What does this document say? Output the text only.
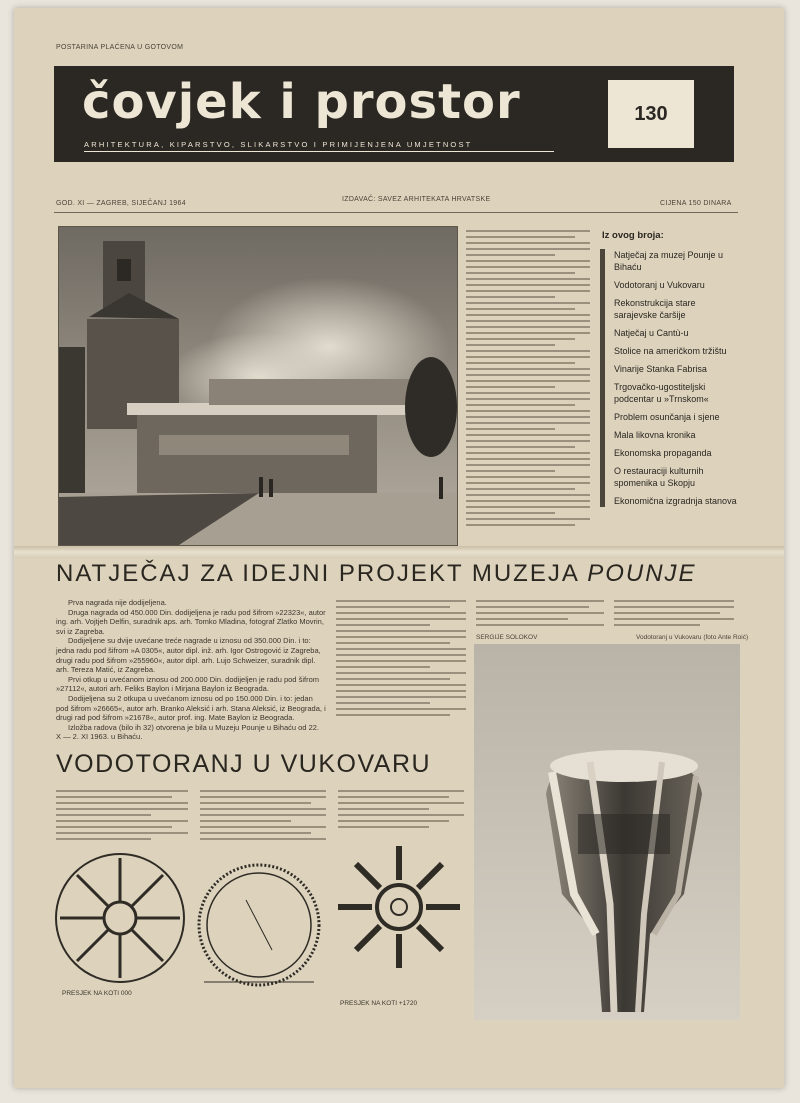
POSTARINA PLAĆENA U GOTOVOM
čovjek i prostor
ARHITEKTURA, KIPARSTVO, SLIKARSTVO I PRIMIJENJENA UMJETNOST
130
GOD. XI — ZAGREB, SIJEČANJ 1964
IZDAVAČ: SAVEZ ARHITEKATA HRVATSKE
CIJENA 150 DINARA
Iz ovog broja:
Natječaj za muzej Pounje u Bihaću
Vodotoranj u Vukovaru
Rekonstrukcija stare sarajevske čaršije
Natječaj u Cantù-u
Stolice na američkom tržištu
Vinarije Stanka Fabrisa
Trgovačko-ugostiteljski podcentar u »Trnskom«
Problem osunčanja i sjene
Mala likovna kronika
Ekonomska propaganda
O restauraciji kulturnih spomenika u Skopju
Ekonomična izgradnja stanova
NATJEČAJ ZA IDEJNI PROJEKT MUZEJA POUNJE

Prva nagrada nije dodijeljena.

Druga nagrada od 450.000 Din. dodijeljena je radu pod šifrom »22323«, autor ing. arh. Vojtjeh Delfin, suradnik aps. arh. Tomko Mladina, fotograf Zlatko Movrin, svi iz Zagreba.

Dodijeljene su dvije uvećane treće nagrade u iznosu od 350.000 Din. i to: jedna radu pod šifrom »A 0305«, autor dipl. inž. arh. Igor Ostrogović iz Zagreba, drugi radu pod šifrom »255960«, autor dipl. arh. Lujo Schweizer, suradnik dipl. arh. Tereza Matić, iz Zagreba.

Prvi otkup u uvećanom iznosu od 200.000 Din. dodijeljen je radu pod šifrom »27112«, autori arh. Feliks Baylon i Mirjana Baylon iz Beograda.

Dodijeljena su 2 otkupa u uvećanom iznosu od po 150.000 Din. i to: jedan pod šifrom »26665«, autor arh. Branko Aleksić i arh. Stana Aleksić, iz Beograda, i drugi rad pod šifrom »21678«, autor prof. ing. Mate Baylon iz Beograda.

Izložba radova (bilo ih 32) otvorena je bila u Muzeju Pounje u Bihaću od 22. X — 2. XI 1963. u Bihaću.

SERGIJE SOLOKOV	Vodotoranj u Vukovaru (foto Ante Roić)
VODOTORANJ U VUKOVARU
PRESJEK NA KOTI 000
PRESJEK NA KOTI +1720
